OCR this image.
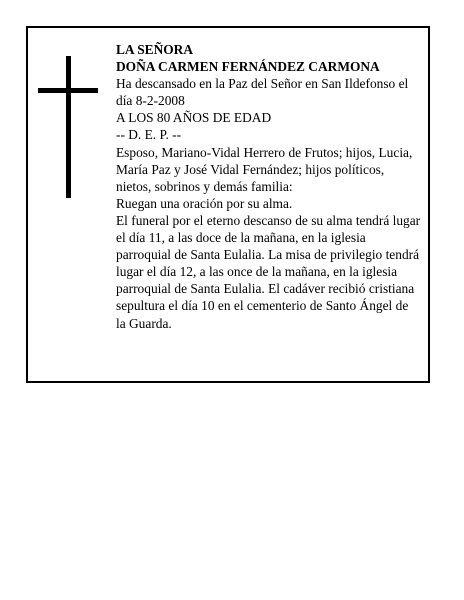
LA SEÑORA

DOÑA CARMEN FERNÁNDEZ CARMONA

Ha descansado en la Paz del Señor en San Ildefonso el día 8-2-2008

A LOS 80 AÑOS DE EDAD

-- D. E. P. --

Esposo, Mariano-Vidal Herrero de Frutos; hijos, Lucia, María Paz y José Vidal Fernández; hijos políticos, nietos, sobrinos y demás familia:

Ruegan una oración por su alma.

El funeral por el eterno descanso de su alma tendrá lugar el día 11, a las doce de la mañana, en la iglesia parroquial de Santa Eulalia. La misa de privilegio tendrá lugar el día 12, a las once de la mañana, en la iglesia parroquial de Santa Eulalia. El cadáver recibió cristiana sepultura el día 10 en el cementerio de Santo Ángel de la Guarda.
